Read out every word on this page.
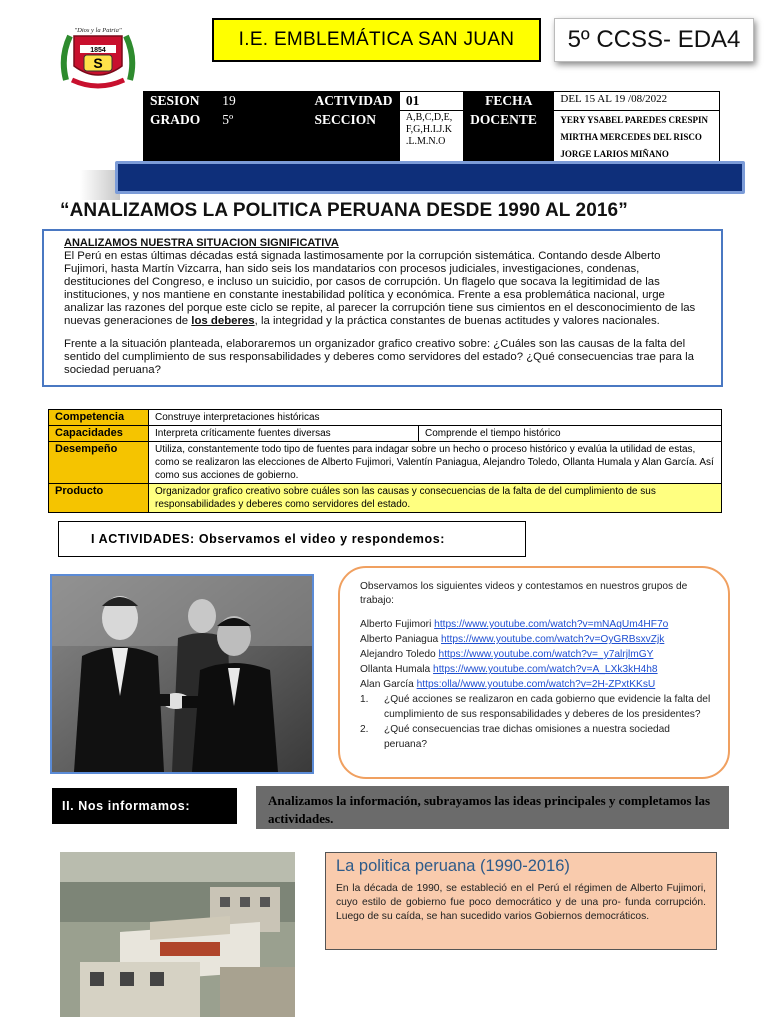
1854
S
"Dios y la Patria"	I.E. EMBLEMÁTICA SAN JUAN	5º CCSS- EDA4
SESION	19	ACTIVIDAD	01	FECHA	DEL 15 AL 19 /08/2022
GRADO	5º	SECCION	A,B,C,D,E, F,G,H.I.J.K .L.M.N.O	DOCENTE	YERY YSABEL PAREDES CRESPIN
MIRTHA MERCEDES DEL RISCO
JORGE LARIOS MIÑANO
“ANALIZAMOS LA POLITICA PERUANA DESDE 1990 AL 2016”
ANALIZAMOS NUESTRA SITUACION SIGNIFICATIVA
El Perú en estas últimas décadas está signada lastimosamente por la corrupción sistemática. Contando desde Alberto Fujimori, hasta Martín Vizcarra, han sido seis los mandatarios con procesos judiciales, investigaciones, condenas, destituciones del Congreso, e incluso un suicidio, por casos de corrupción. Un flagelo que socava la legitimidad de las instituciones, y nos mantiene en constante inestabilidad política y económica. Frente a esa problemática nacional, urge analizar las razones del porque este ciclo se repite, al parecer la corrupción tiene sus cimientos en el desconocimiento de las nuevas generaciones de los deberes, la integridad y la práctica constantes de buenas actitudes y valores nacionales.
Frente a la situación planteada, elaboraremos un organizador grafico creativo sobre: ¿Cuáles son las causas de la falta del sentido del cumplimiento de sus responsabilidades y deberes como servidores del estado? ¿Qué consecuencias trae para la sociedad peruana?
Competencia	Construye interpretaciones históricas	
Capacidades	Interpreta críticamente fuentes diversas	Comprende el tiempo histórico
Desempeño	Utiliza, constantemente todo tipo de fuentes para indagar sobre un hecho o proceso histórico y evalúa la utilidad de estas, como se realizaron las elecciones de Alberto Fujimori, Valentín Paniagua, Alejandro Toledo, Ollanta Humala y Alan García. Así como sus acciones de gobierno.	
Producto	Organizador grafico creativo sobre cuáles son las causas y consecuencias de la falta de del cumplimiento de sus responsabilidades y deberes como servidores del estado.	
I ACTIVIDADES: Observamos el video y respondemos:
Observamos los siguientes videos y contestamos en nuestros grupos de trabajo:
Alberto Fujimori https://www.youtube.com/watch?v=mNAqUm4HF7o
Alberto Paniagua https://www.youtube.com/watch?v=OyGRBsxvZjk
Alejandro Toledo https://www.youtube.com/watch?v=_y7alrjlmGY
Ollanta Humala https://www.youtube.com/watch?v=A_LXk3kH4h8
Alan García https:olla//www.youtube.com/watch?v=2H-ZPxtKKsU
1.	¿Qué acciones se realizaron en cada gobierno que evidencie la falta del cumplimiento de sus responsabilidades y deberes de los presidentes?
2.	¿Qué consecuencias trae dichas omisiones a nuestra sociedad peruana?
II. Nos informamos:	Analizamos la información, subrayamos las ideas principales y completamos las actividades.
La politica peruana (1990-2016)
En la década de 1990, se estableció en el Perú el régimen de Alberto Fujimori, cuyo estilo de gobierno fue poco democrático y de una pro- funda corrupción. Luego de su caída, se han sucedido varios Gobiernos democráticos.
